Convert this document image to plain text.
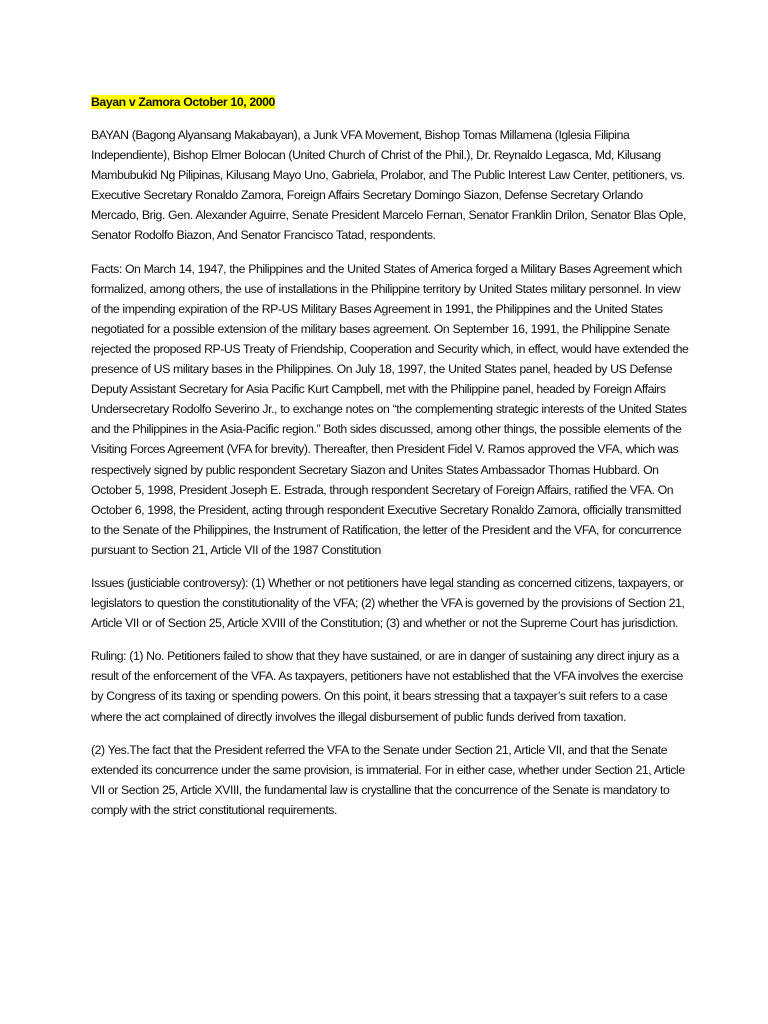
Bayan v Zamora October 10, 2000

BAYAN (Bagong Alyansang Makabayan), a Junk VFA Movement, Bishop Tomas Millamena (Iglesia Filipina Independiente), Bishop Elmer Bolocan (United Church of Christ of the Phil.), Dr. Reynaldo Legasca, Md, Kilusang Mambubukid Ng Pilipinas, Kilusang Mayo Uno, Gabriela, Prolabor, and The Public Interest Law Center, petitioners, vs. Executive Secretary Ronaldo Zamora, Foreign Affairs Secretary Domingo Siazon, Defense Secretary Orlando Mercado, Brig. Gen. Alexander Aguirre, Senate President Marcelo Fernan, Senator Franklin Drilon, Senator Blas Ople, Senator Rodolfo Biazon, And Senator Francisco Tatad, respondents.

Facts: On March 14, 1947, the Philippines and the United States of America forged a Military Bases Agreement which formalized, among others, the use of installations in the Philippine territory by United States military personnel. In view of the impending expiration of the RP-US Military Bases Agreement in 1991, the Philippines and the United States negotiated for a possible extension of the military bases agreement. On September 16, 1991, the Philippine Senate rejected the proposed RP-US Treaty of Friendship, Cooperation and Security which, in effect, would have extended the presence of US military bases in the Philippines. On July 18, 1997, the United States panel, headed by US Defense Deputy Assistant Secretary for Asia Pacific Kurt Campbell, met with the Philippine panel, headed by Foreign Affairs Undersecretary Rodolfo Severino Jr., to exchange notes on “the complementing strategic interests of the United States and the Philippines in the Asia-Pacific region.” Both sides discussed, among other things, the possible elements of the Visiting Forces Agreement (VFA for brevity). Thereafter, then President Fidel V. Ramos approved the VFA, which was respectively signed by public respondent Secretary Siazon and Unites States Ambassador Thomas Hubbard. On October 5, 1998, President Joseph E. Estrada, through respondent Secretary of Foreign Affairs, ratified the VFA. On October 6, 1998, the President, acting through respondent Executive Secretary Ronaldo Zamora, officially transmitted to the Senate of the Philippines, the Instrument of Ratification, the letter of the President and the VFA, for concurrence pursuant to Section 21, Article VII of the 1987 Constitution

Issues (justiciable controversy): (1) Whether or not petitioners have legal standing as concerned citizens, taxpayers, or legislators to question the constitutionality of the VFA; (2) whether the VFA is governed by the provisions of Section 21, Article VII or of Section 25, Article XVIII of the Constitution; (3) and whether or not the Supreme Court has jurisdiction.

Ruling: (1) No. Petitioners failed to show that they have sustained, or are in danger of sustaining any direct injury as a result of the enforcement of the VFA. As taxpayers, petitioners have not established that the VFA involves the exercise by Congress of its taxing or spending powers. On this point, it bears stressing that a taxpayer’s suit refers to a case where the act complained of directly involves the illegal disbursement of public funds derived from taxation.

(2) Yes.The fact that the President referred the VFA to the Senate under Section 21, Article VII, and that the Senate extended its concurrence under the same provision, is immaterial. For in either case, whether under Section 21, Article VII or Section 25, Article XVIII, the fundamental law is crystalline that the concurrence of the Senate is mandatory to comply with the strict constitutional requirements.
